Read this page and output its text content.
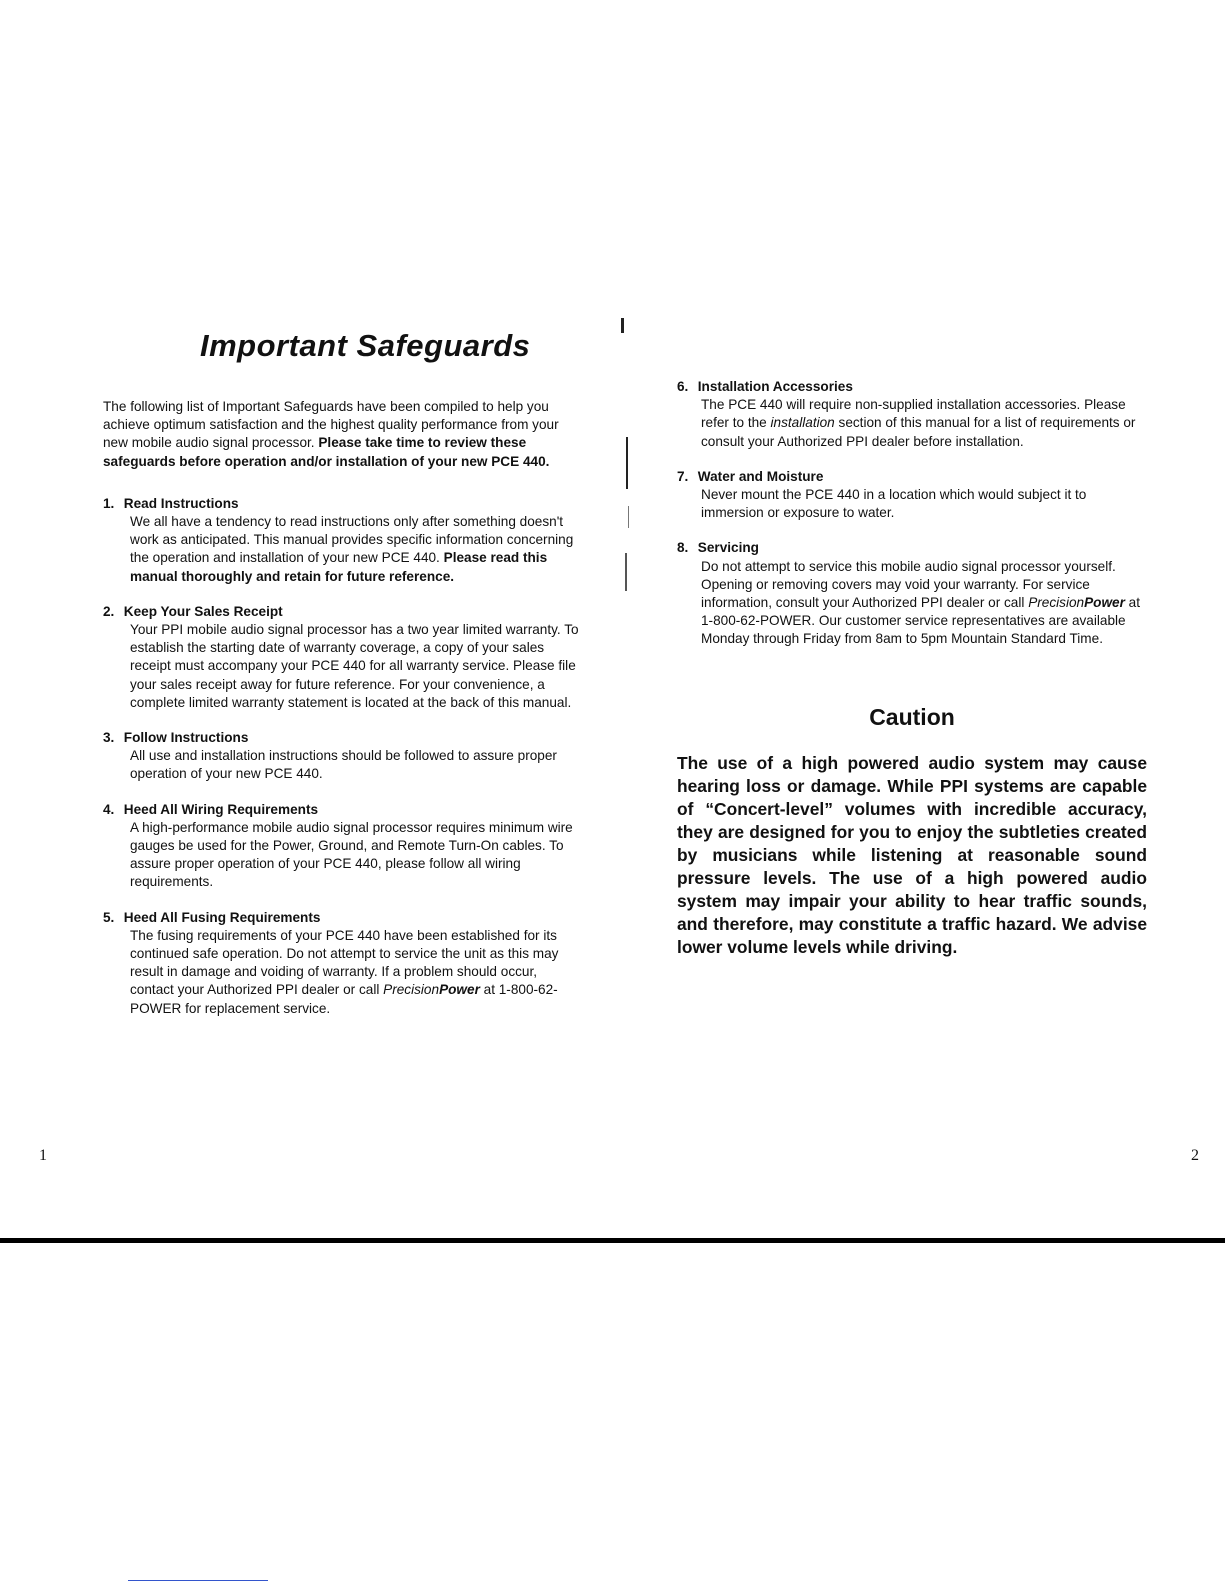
Important Safeguards

The following list of Important Safeguards have been compiled to help you achieve optimum satisfaction and the highest quality performance from your new mobile audio signal processor. Please take time to review these safeguards before operation and/or installation of your new PCE 440.

1. Read Instructions

We all have a tendency to read instructions only after something doesn't work as anticipated. This manual provides specific information concerning the operation and installation of your new PCE 440. Please read this manual thoroughly and retain for future reference.

2. Keep Your Sales Receipt

Your PPI mobile audio signal processor has a two year limited warranty. To establish the starting date of warranty coverage, a copy of your sales receipt must accompany your PCE 440 for all warranty service. Please file your sales receipt away for future reference. For your convenience, a complete limited warranty statement is located at the back of this manual.

3. Follow Instructions

All use and installation instructions should be followed to assure proper operation of your new PCE 440.

4. Heed All Wiring Requirements

A high-performance mobile audio signal processor requires minimum wire gauges be used for the Power, Ground, and Remote Turn-On cables. To assure proper operation of your PCE 440, please follow all wiring requirements.

5. Heed All Fusing Requirements

The fusing requirements of your PCE 440 have been established for its continued safe operation. Do not attempt to service the unit as this may result in damage and voiding of warranty. If a problem should occur, contact your Authorized PPI dealer or call PrecisionPower at 1-800-62-POWER for replacement service.

6. Installation Accessories

The PCE 440 will require non-supplied installation accessories. Please refer to the installation section of this manual for a list of requirements or consult your Authorized PPI dealer before installation.

7. Water and Moisture

Never mount the PCE 440 in a location which would subject it to immersion or exposure to water.

8. Servicing

Do not attempt to service this mobile audio signal processor yourself. Opening or removing covers may void your warranty. For service information, consult your Authorized PPI dealer or call PrecisionPower at 1-800-62-POWER. Our customer service representatives are available Monday through Friday from 8am to 5pm Mountain Standard Time.

Caution

The use of a high powered audio system may cause hearing loss or damage. While PPI systems are capable of “Concert-level” volumes with incredible accuracy, they are designed for you to enjoy the subtleties created by musicians while listening at reasonable sound pressure levels. The use of a high powered audio system may impair your ability to hear traffic sounds, and therefore, may constitute a traffic hazard. We advise lower volume levels while driving.

1	2
